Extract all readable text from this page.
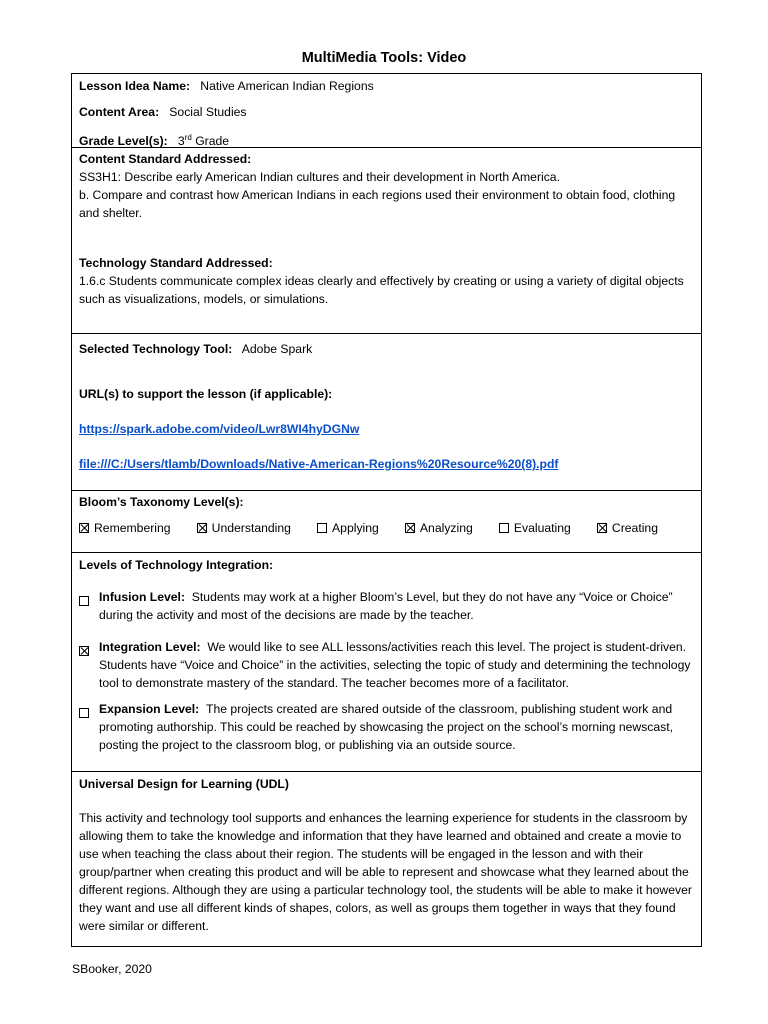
MultiMedia Tools: Video
Lesson Idea Name: Native American Indian Regions
Content Area: Social Studies
Grade Level(s): 3rd Grade
Content Standard Addressed:
SS3H1: Describe early American Indian cultures and their development in North America.
b. Compare and contrast how American Indians in each regions used their environment to obtain food, clothing and shelter.
Technology Standard Addressed:
1.6.c Students communicate complex ideas clearly and effectively by creating or using a variety of digital objects such as visualizations, models, or simulations.
Selected Technology Tool: Adobe Spark
URL(s) to support the lesson (if applicable):
https://spark.adobe.com/video/Lwr8WI4hyDGNw
file:///C:/Users/tlamb/Downloads/Native-American-Regions%20Resource%20(8).pdf
Bloom’s Taxonomy Level(s):
Remembering	Understanding	Applying	Analyzing	Evaluating	Creating
Levels of Technology Integration:
Infusion Level: Students may work at a higher Bloom’s Level, but they do not have any “Voice or Choice” during the activity and most of the decisions are made by the teacher.
Integration Level: We would like to see ALL lessons/activities reach this level. The project is student-driven. Students have “Voice and Choice” in the activities, selecting the topic of study and determining the technology tool to demonstrate mastery of the standard. The teacher becomes more of a facilitator.
Expansion Level: The projects created are shared outside of the classroom, publishing student work and promoting authorship. This could be reached by showcasing the project on the school’s morning newscast, posting the project to the classroom blog, or publishing via an outside source.
Universal Design for Learning (UDL)
This activity and technology tool supports and enhances the learning experience for students in the classroom by allowing them to take the knowledge and information that they have learned and obtained and create a movie to use when teaching the class about their region. The students will be engaged in the lesson and with their group/partner when creating this product and will be able to represent and showcase what they learned about the different regions. Although they are using a particular technology tool, the students will be able to make it however they want and use all different kinds of shapes, colors, as well as groups them together in ways that they found were similar or different.
SBooker, 2020
